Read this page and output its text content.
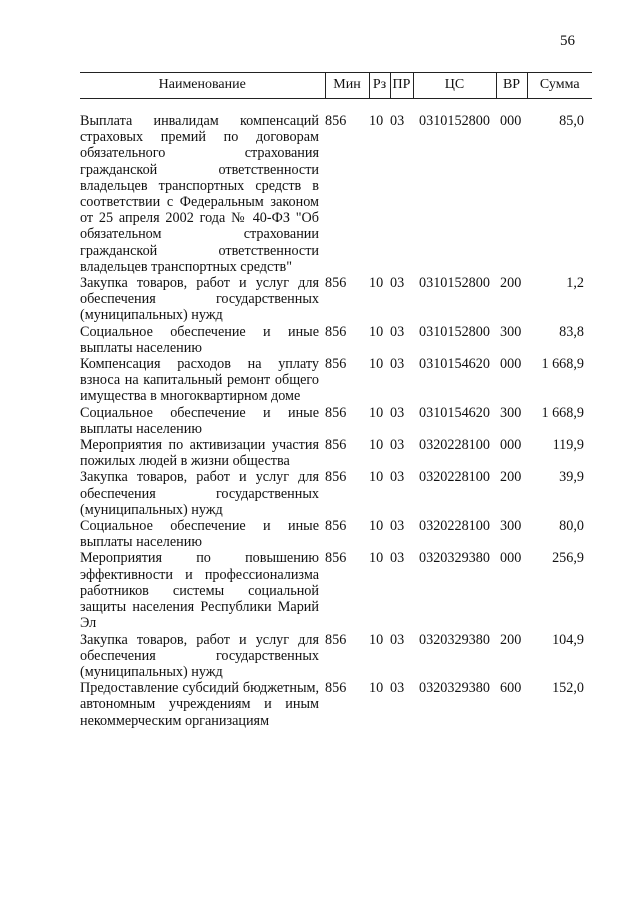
56
Наименование	Мин	Рз	ПР	ЦС	ВР	Сумма

Выплата инвалидам компенсаций страховых премий по договорам обязательного страхования гражданской ответственности владельцев транспортных средств в соответствии с Федеральным законом от 25 апреля 2002 года № 40-ФЗ "Об обязательном страховании гражданской ответственности владельцев транспортных средств"	856	10	03	0310152800	000	85,0
Закупка товаров, работ и услуг для обеспечения государственных (муниципальных) нужд	856	10	03	0310152800	200	1,2
Социальное обеспечение и иные выплаты населению	856	10	03	0310152800	300	83,8
Компенсация расходов на уплату взноса на капитальный ремонт общего имущества в многоквартирном доме	856	10	03	0310154620	000	1 668,9
Социальное обеспечение и иные выплаты населению	856	10	03	0310154620	300	1 668,9
Мероприятия по активизации участия пожилых людей в жизни общества	856	10	03	0320228100	000	119,9
Закупка товаров, работ и услуг для обеспечения государственных (муниципальных) нужд	856	10	03	0320228100	200	39,9
Социальное обеспечение и иные выплаты населению	856	10	03	0320228100	300	80,0
Мероприятия по повышению эффективности и профессионализма работников системы социальной защиты населения Республики Марий Эл	856	10	03	0320329380	000	256,9
Закупка товаров, работ и услуг для обеспечения государственных (муниципальных) нужд	856	10	03	0320329380	200	104,9
Предоставление субсидий бюджетным, автономным учреждениям и иным некоммерческим организациям	856	10	03	0320329380	600	152,0
